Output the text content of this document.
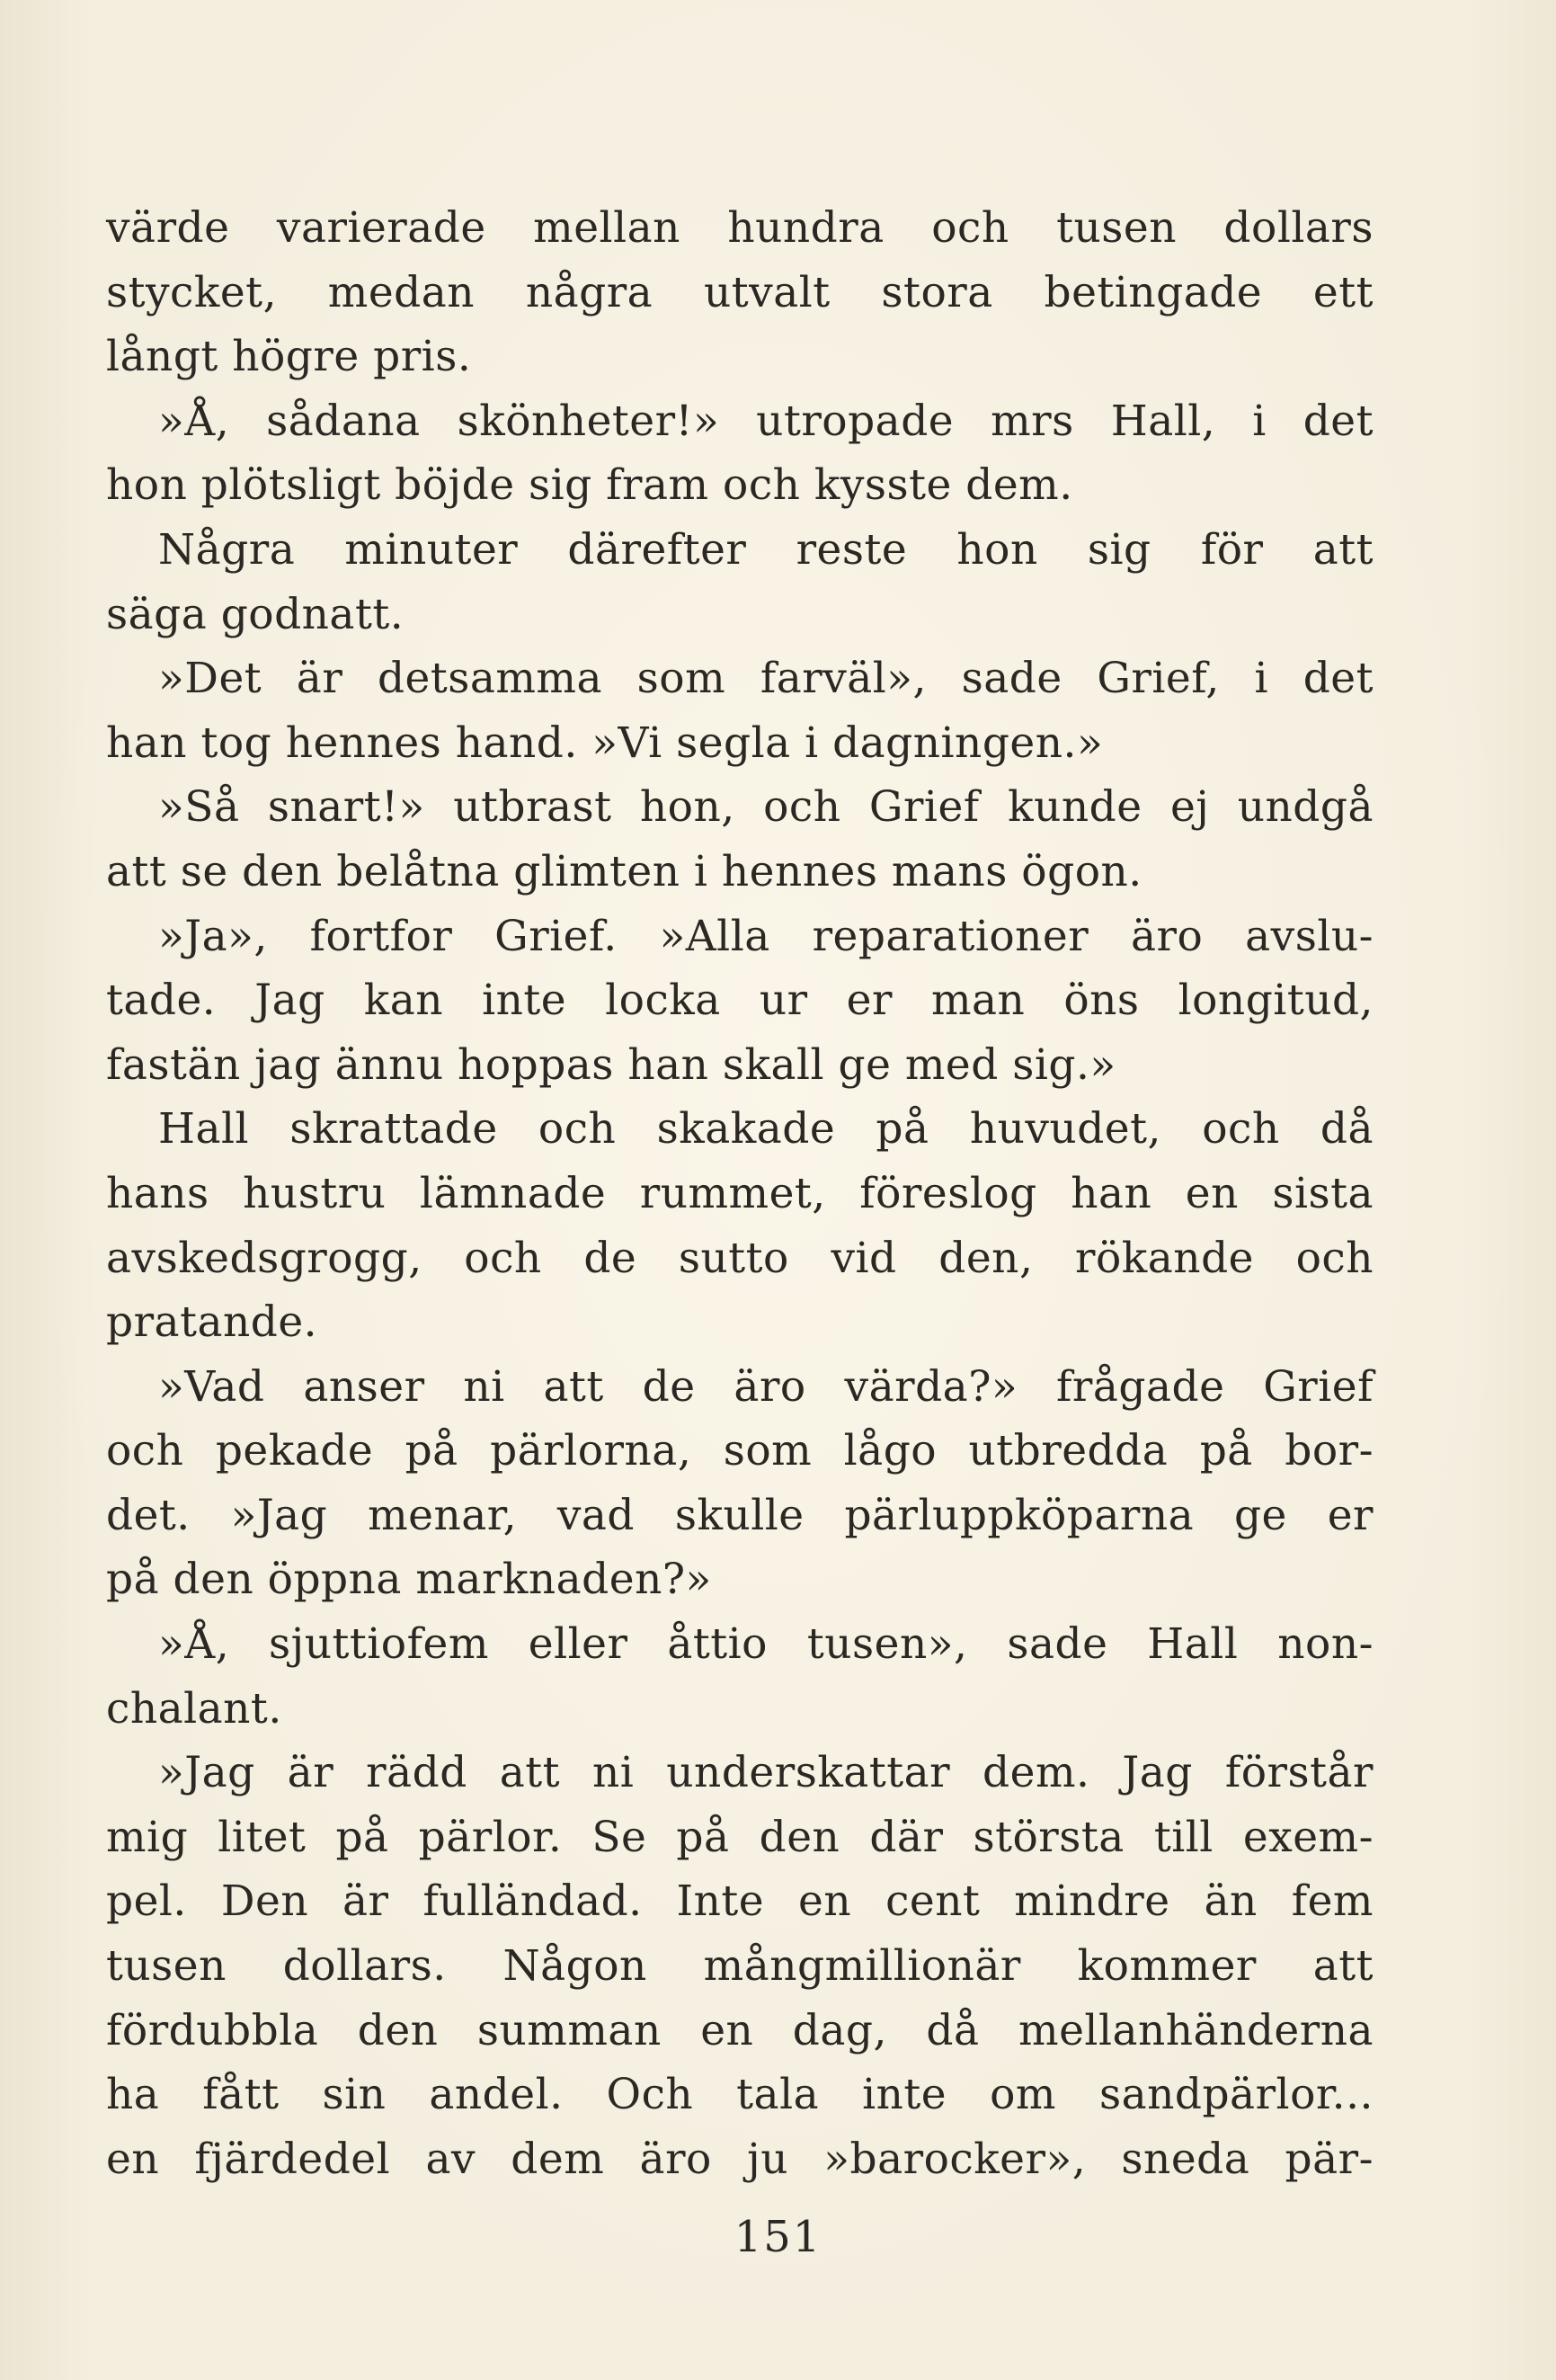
värde varierade mellan hundra och tusen dollars
stycket, medan några utvalt stora betingade ett
långt högre pris.
»Å, sådana skönheter!» utropade mrs Hall, i det
hon plötsligt böjde sig fram och kysste dem.
Några minuter därefter reste hon sig för att
säga godnatt.
»Det är detsamma som farväl», sade Grief, i det
han tog hennes hand. »Vi segla i dagningen.»
»Så snart!» utbrast hon, och Grief kunde ej undgå
att se den belåtna glimten i hennes mans ögon.
»Ja», fortfor Grief. »Alla reparationer äro avslu-
tade. Jag kan inte locka ur er man öns longitud,
fastän jag ännu hoppas han skall ge med sig.»
Hall skrattade och skakade på huvudet, och då
hans hustru lämnade rummet, föreslog han en sista
avskedsgrogg, och de sutto vid den, rökande och
pratande.
»Vad anser ni att de äro värda?» frågade Grief
och pekade på pärlorna, som lågo utbredda på bor-
det. »Jag menar, vad skulle pärluppköparna ge er
på den öppna marknaden?»
»Å, sjuttiofem eller åttio tusen», sade Hall non-
chalant.
»Jag är rädd att ni underskattar dem. Jag förstår
mig litet på pärlor. Se på den där största till exem-
pel. Den är fulländad. Inte en cent mindre än fem
tusen dollars. Någon mångmillionär kommer att
fördubbla den summan en dag, då mellanhänderna
ha fått sin andel. Och tala inte om sandpärlor...
en fjärdedel av dem äro ju »barocker», sneda pär-
151
